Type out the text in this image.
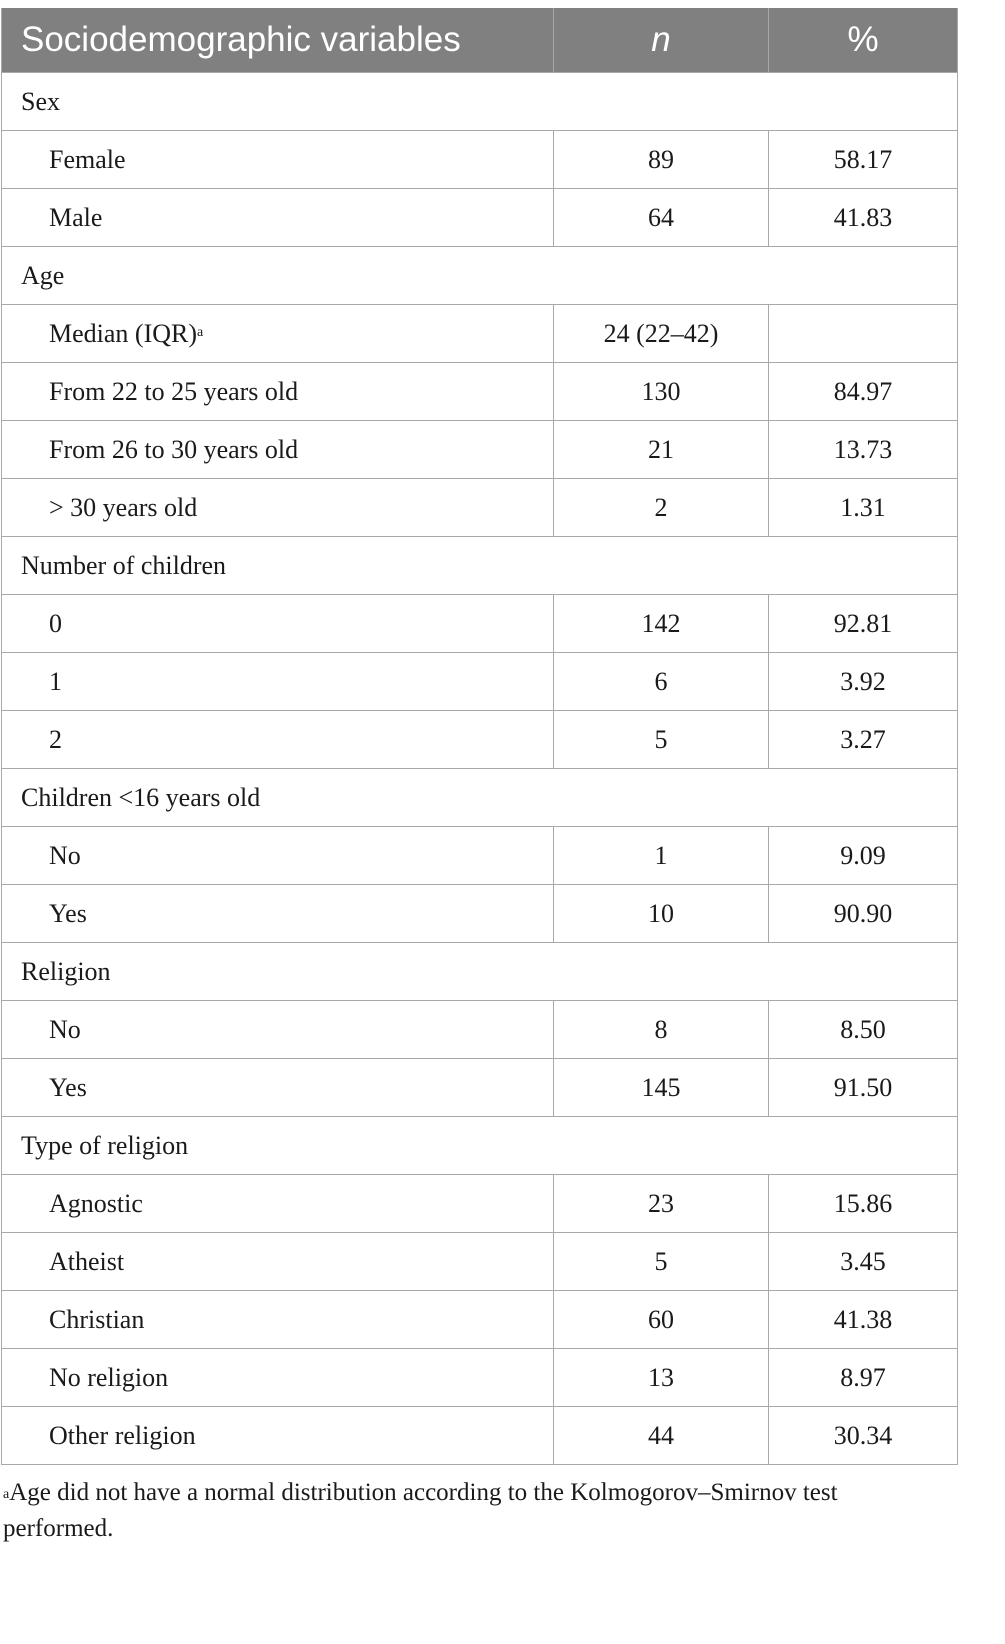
Sociodemographic variables	n	%
Sex		
Female	89	58.17
Male	64	41.83
Age		
Median (IQR)$^a$	24 (22–42)	
From 22 to 25 years old	130	84.97
From 26 to 30 years old	21	13.73
> 30 years old	2	1.31
Number of children		
0	142	92.81
1	6	3.92
2	5	3.27
Children <16 years old		
No	1	9.09
Yes	10	90.90
Religion		
No	8	8.50
Yes	145	91.50
Type of religion		
Agnostic	23	15.86
Atheist	5	3.45
Christian	60	41.38
No religion	13	8.97
Other religion	44	30.34
$^a$Age did not have a normal distribution according to the Kolmogorov–Smirnov test performed.
